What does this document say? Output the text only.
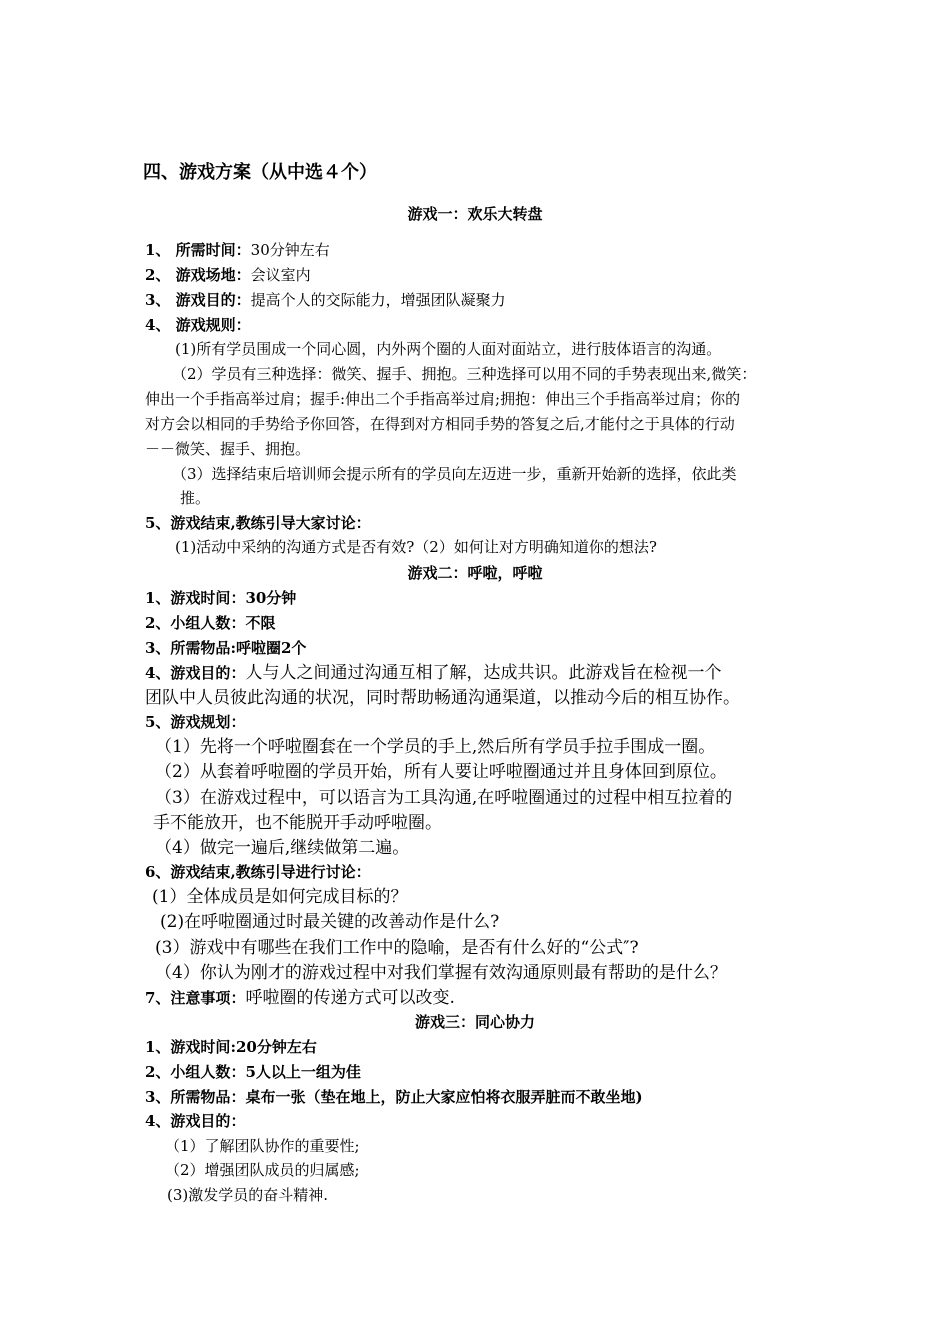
四、游戏方案（从中选４个）
游戏一：欢乐大转盘
1、 所需时间：30分钟左右
2、 游戏场地：会议室内
3、 游戏目的：提高个人的交际能力，增强团队凝聚力
4、 游戏规则：
(1)所有学员围成一个同心圆，内外两个圈的人面对面站立，进行肢体语言的沟通。
（2）学员有三种选择：微笑、握手、拥抱。三种选择可以用不同的手势表现出来,微笑：
伸出一个手指高举过肩；握手:伸出二个手指高举过肩;拥抱：伸出三个手指高举过肩；你的
对方会以相同的手势给予你回答，在得到对方相同手势的答复之后,才能付之于具体的行动
－－微笑、握手、拥抱。
（3）选择结束后培训师会提示所有的学员向左迈进一步，重新开始新的选择，依此类
推。
5、游戏结束,教练引导大家讨论：
(1)活动中采纳的沟通方式是否有效?（2）如何让对方明确知道你的想法?
游戏二：呼啦，呼啦
1、游戏时间：30分钟
2、小组人数：不限
3、所需物品:呼啦圈2个
4、游戏目的：人与人之间通过沟通互相了解，达成共识。此游戏旨在检视一个
团队中人员彼此沟通的状况，同时帮助畅通沟通渠道，以推动今后的相互协作。
5、游戏规划：
（1）先将一个呼啦圈套在一个学员的手上,然后所有学员手拉手围成一圈。
（2）从套着呼啦圈的学员开始，所有人要让呼啦圈通过并且身体回到原位。
（3）在游戏过程中，可以语言为工具沟通,在呼啦圈通过的过程中相互拉着的
手不能放开，也不能脱开手动呼啦圈。
（4）做完一遍后,继续做第二遍。
6、游戏结束,教练引导进行讨论：
(1）全体成员是如何完成目标的？
(2)在呼啦圈通过时最关键的改善动作是什么?
(3）游戏中有哪些在我们工作中的隐喻，是否有什么好的“公式″?
（4）你认为刚才的游戏过程中对我们掌握有效沟通原则最有帮助的是什么？
7、注意事项：呼啦圈的传递方式可以改变.
游戏三：同心协力
1、游戏时间:20分钟左右
2、小组人数：5人以上一组为佳
3、所需物品：桌布一张（垫在地上，防止大家应怕将衣服弄脏而不敢坐地)
4、游戏目的：
（1）了解团队协作的重要性;
（2）增强团队成员的归属感;
(3)激发学员的奋斗精神.
